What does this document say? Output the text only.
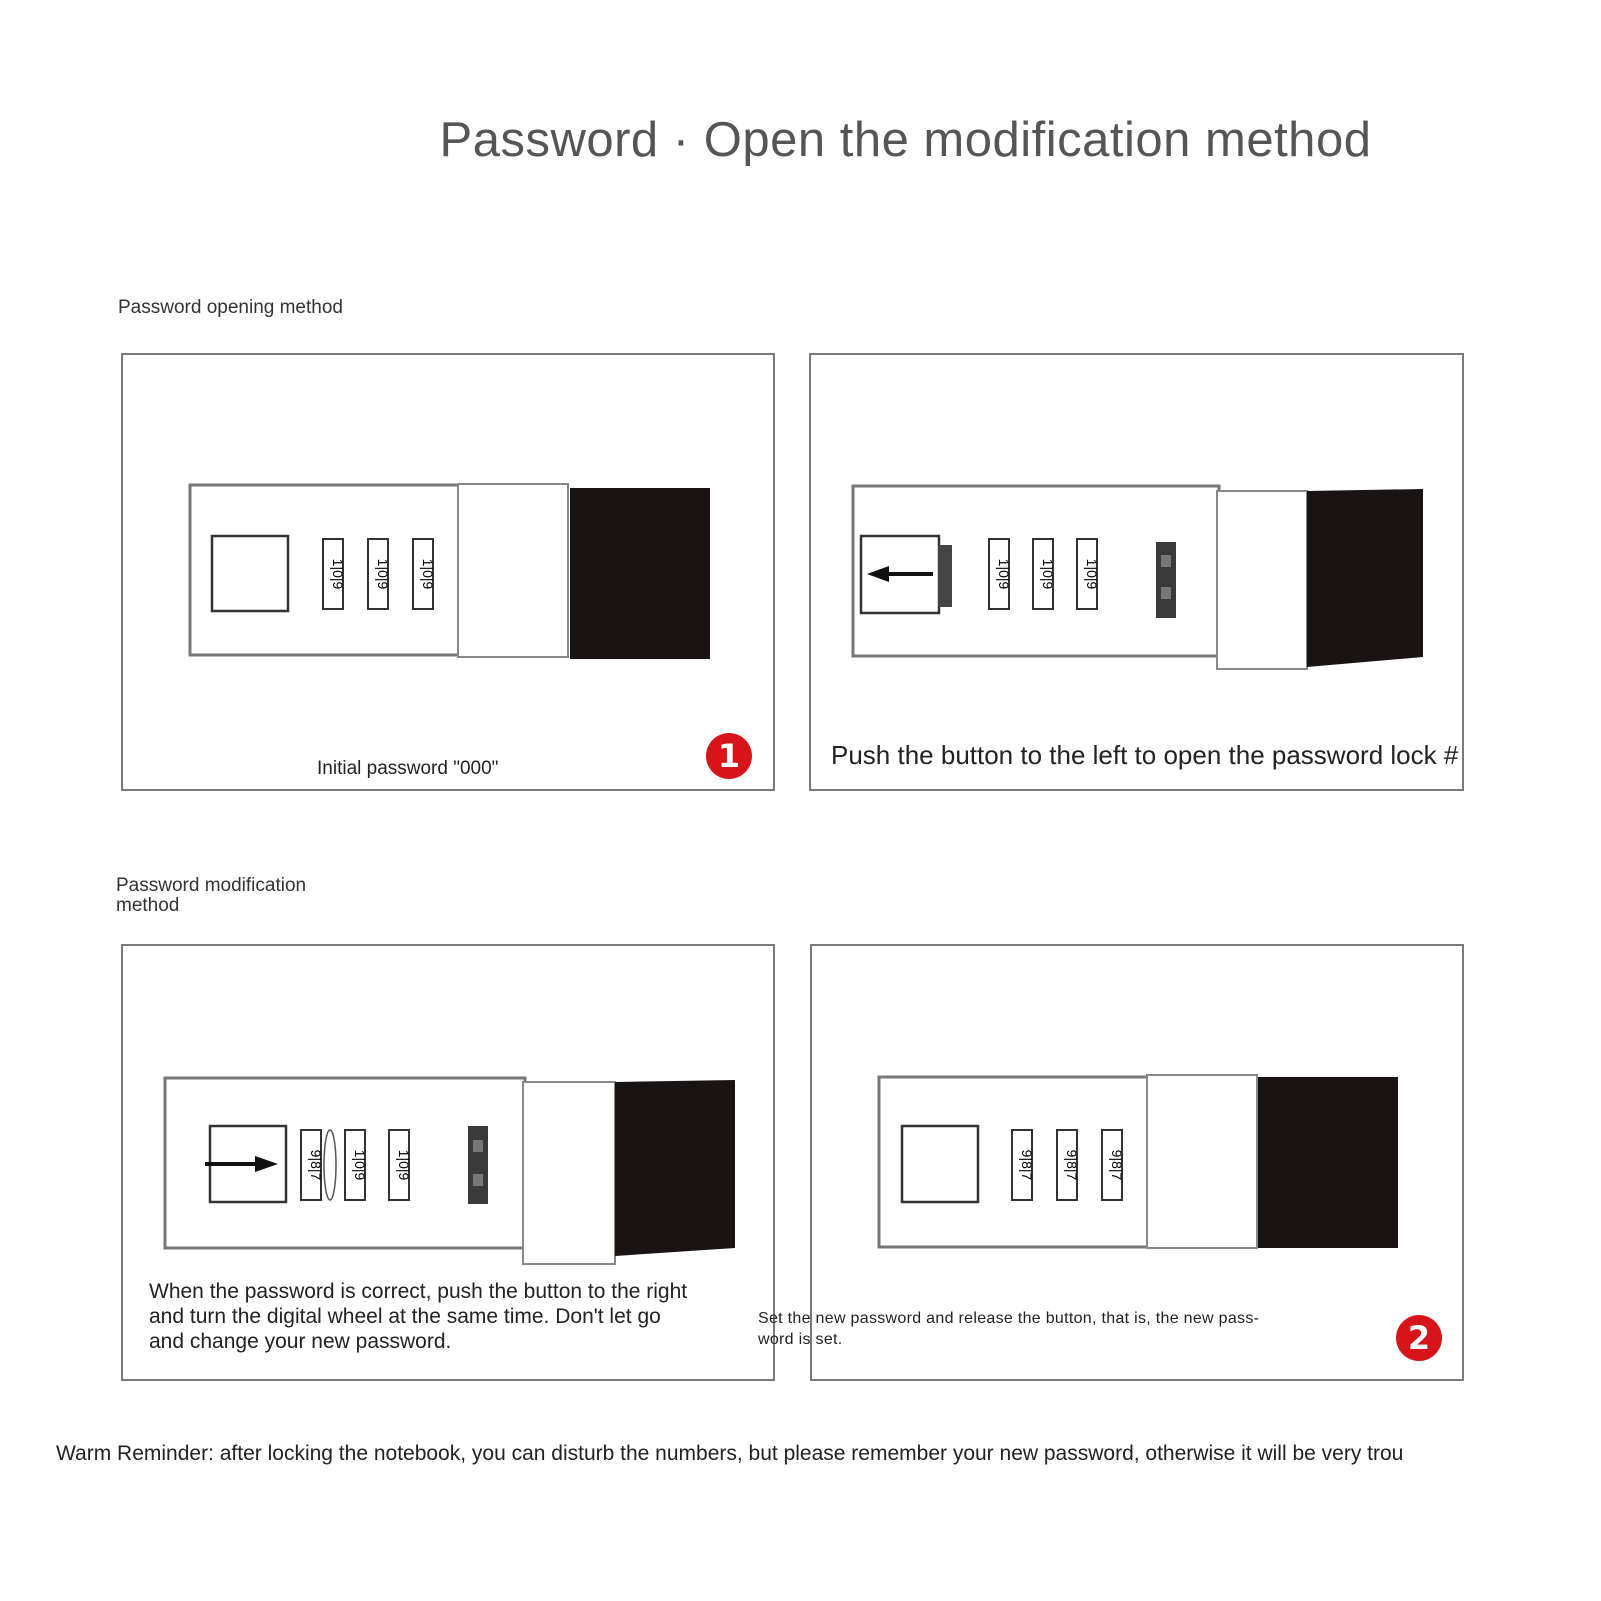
Password · Open the modification method
Password opening method
1|0|9
1|0|9
1|0|9
Initial password "000"	1
1|0|9
1|0|9
1|0|9
Push the button to the left to open the password lock #
Password modification
method
9|8|7
1|0|9
1|0|9
When the password is correct, push the button to the right
and turn the digital wheel at the same time. Don't let go
and change your new password.
9|8|7
9|8|7
9|8|7
2
Set the new password and release the button, that is, the new pass-
word is set.
Warm Reminder: after locking the notebook, you can disturb the numbers, but please remember your new password, otherwise it will be very trou
